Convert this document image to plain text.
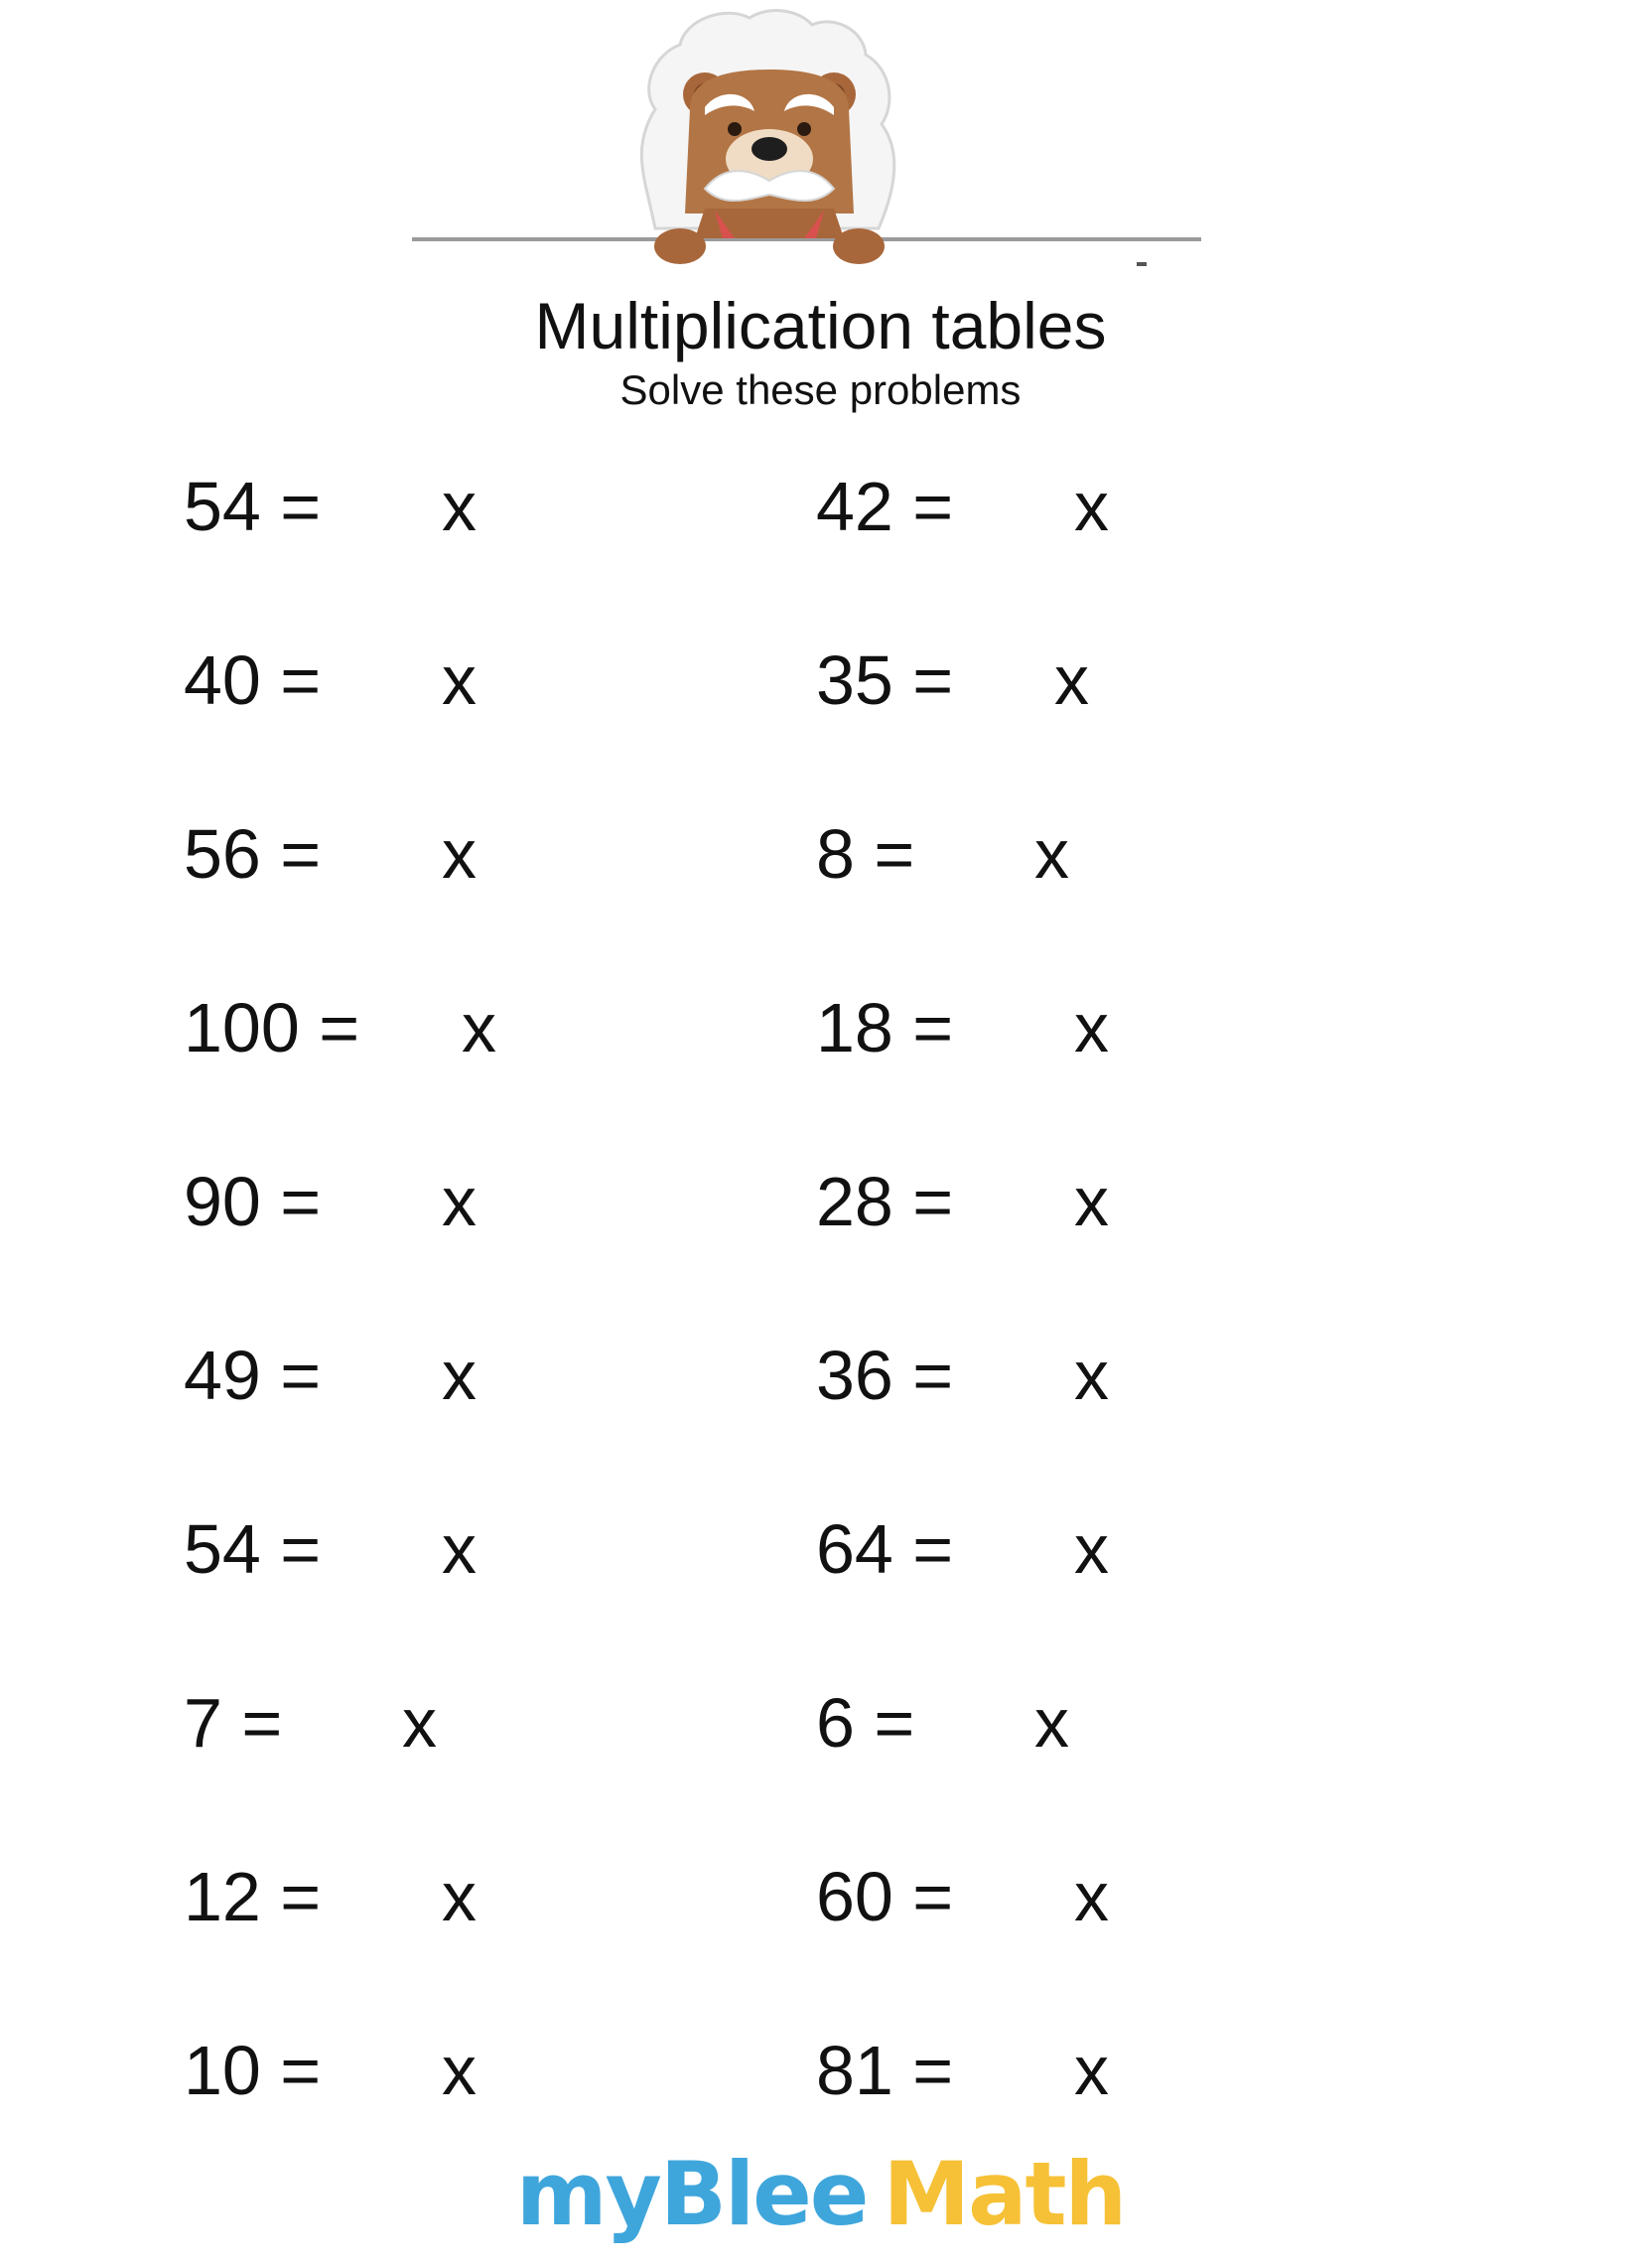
Multiplication tables
Solve these problems
54 = x
40 = x
56 = x
100 = x
90 = x
49 = x
54 = x
7 = x
12 = x
10 = x
42 = x
35 = x
8 = x
18 = x
28 = x
36 = x
64 = x
6 = x
60 = x
81 = x
myBlee Math
